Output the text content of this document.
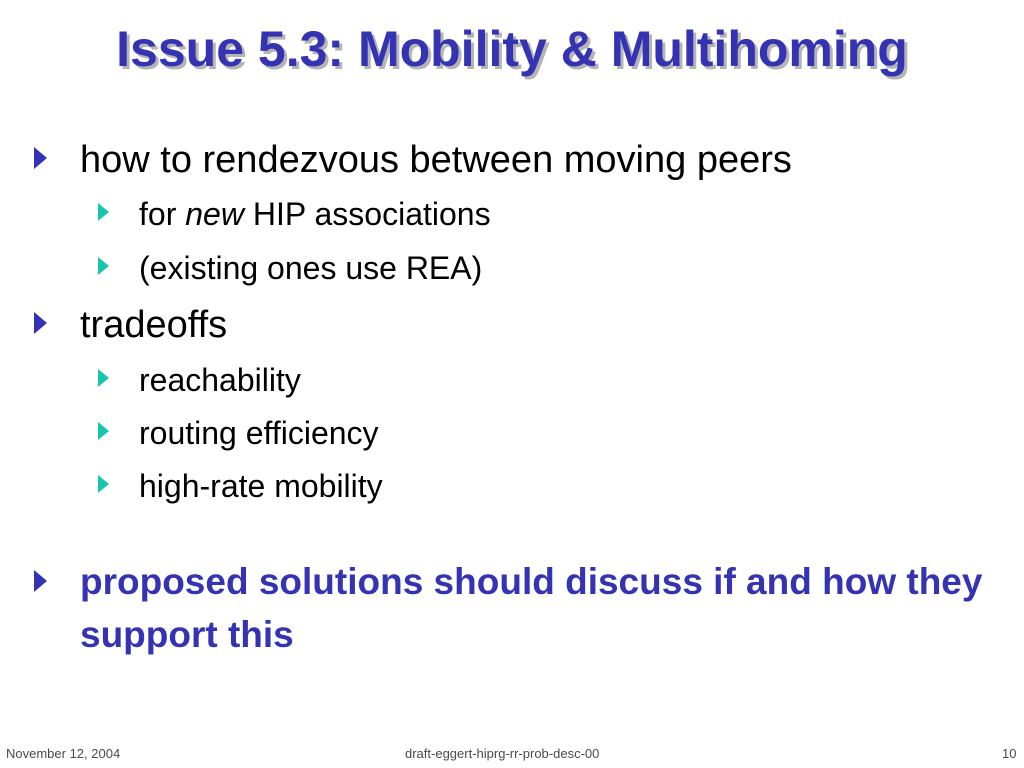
Issue 5.3: Mobility & Multihoming
how to rendezvous between moving peers
for new HIP associations
(existing ones use REA)
tradeoffs
reachability
routing efficiency
high-rate mobility
proposed solutions should discuss if and how they support this
November 12, 2004	draft-eggert-hiprg-rr-prob-desc-00	10
